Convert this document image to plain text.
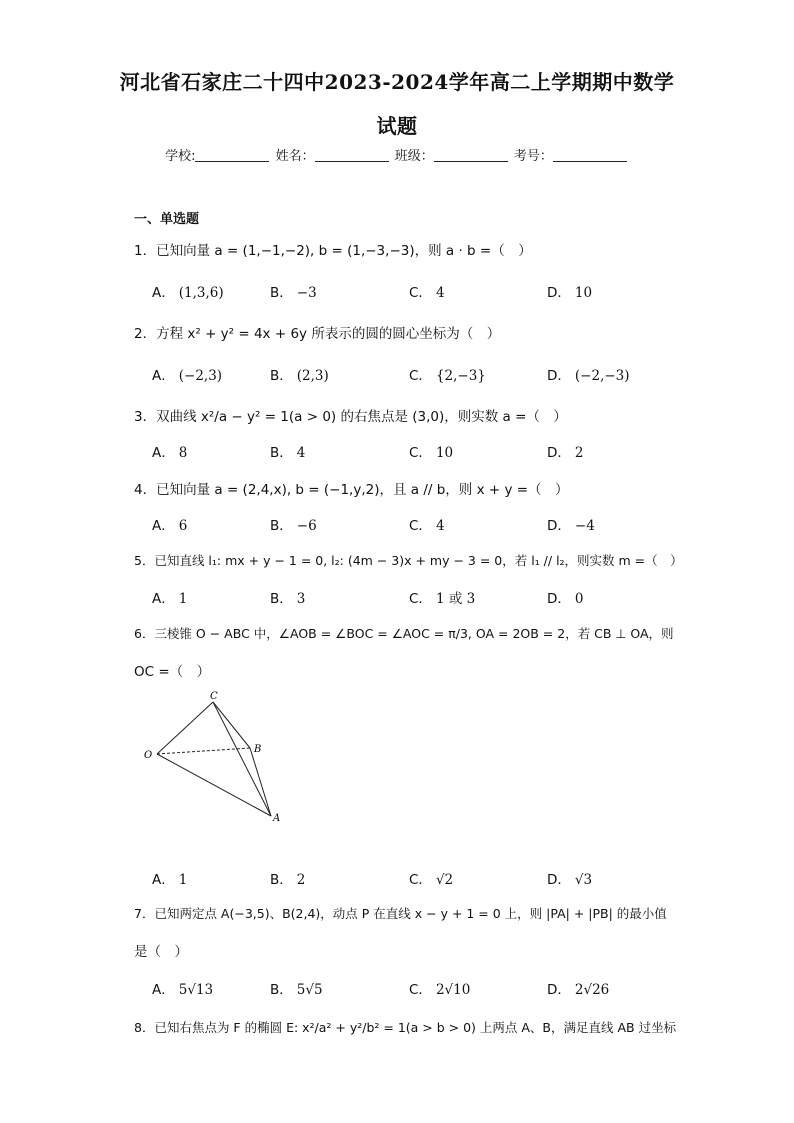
河北省石家庄二十四中2023-2024学年高二上学期期中数学
试题
学校:	姓名：	班级：	考号：
一、单选题
1．已知向量 a = (1,−1,−2), b = (1,−3,−3)，则 a · b =（　）
A． (1,3,6)	B． −3	C． 4	D． 10
2．方程 x² + y² = 4x + 6y 所表示的圆的圆心坐标为（　）
A． (−2,3)	B． (2,3)	C． {2,−3}	D． (−2,−3)
3．双曲线 x²/a − y² = 1(a > 0) 的右焦点是 (3,0)，则实数 a =（　）
A． 8	B． 4	C． 10	D． 2
4．已知向量 a = (2,4,x), b = (−1,y,2)，且 a // b，则 x + y =（　）
A． 6	B． −6	C． 4	D． −4
5．已知直线 l₁: mx + y − 1 = 0, l₂: (4m − 3)x + my − 3 = 0，若 l₁ // l₂，则实数 m =（　）
A． 1	B． 3	C． 1 或 3	D． 0
6．三棱锥 O − ABC 中，∠AOB = ∠BOC = ∠AOC = π/3, OA = 2OB = 2，若 CB ⊥ OA，则
OC =（　）
O
C
B
A
A． 1	B． 2	C． √2	D． √3
7．已知两定点 A(−3,5)、B(2,4)，动点 P 在直线 x − y + 1 = 0 上，则 |PA| + |PB| 的最小值
是（　）
A． 5√13	B． 5√5	C． 2√10	D． 2√26
8．已知右焦点为 F 的椭圆 E: x²/a² + y²/b² = 1(a > b > 0) 上两点 A、B，满足直线 AB 过坐标
